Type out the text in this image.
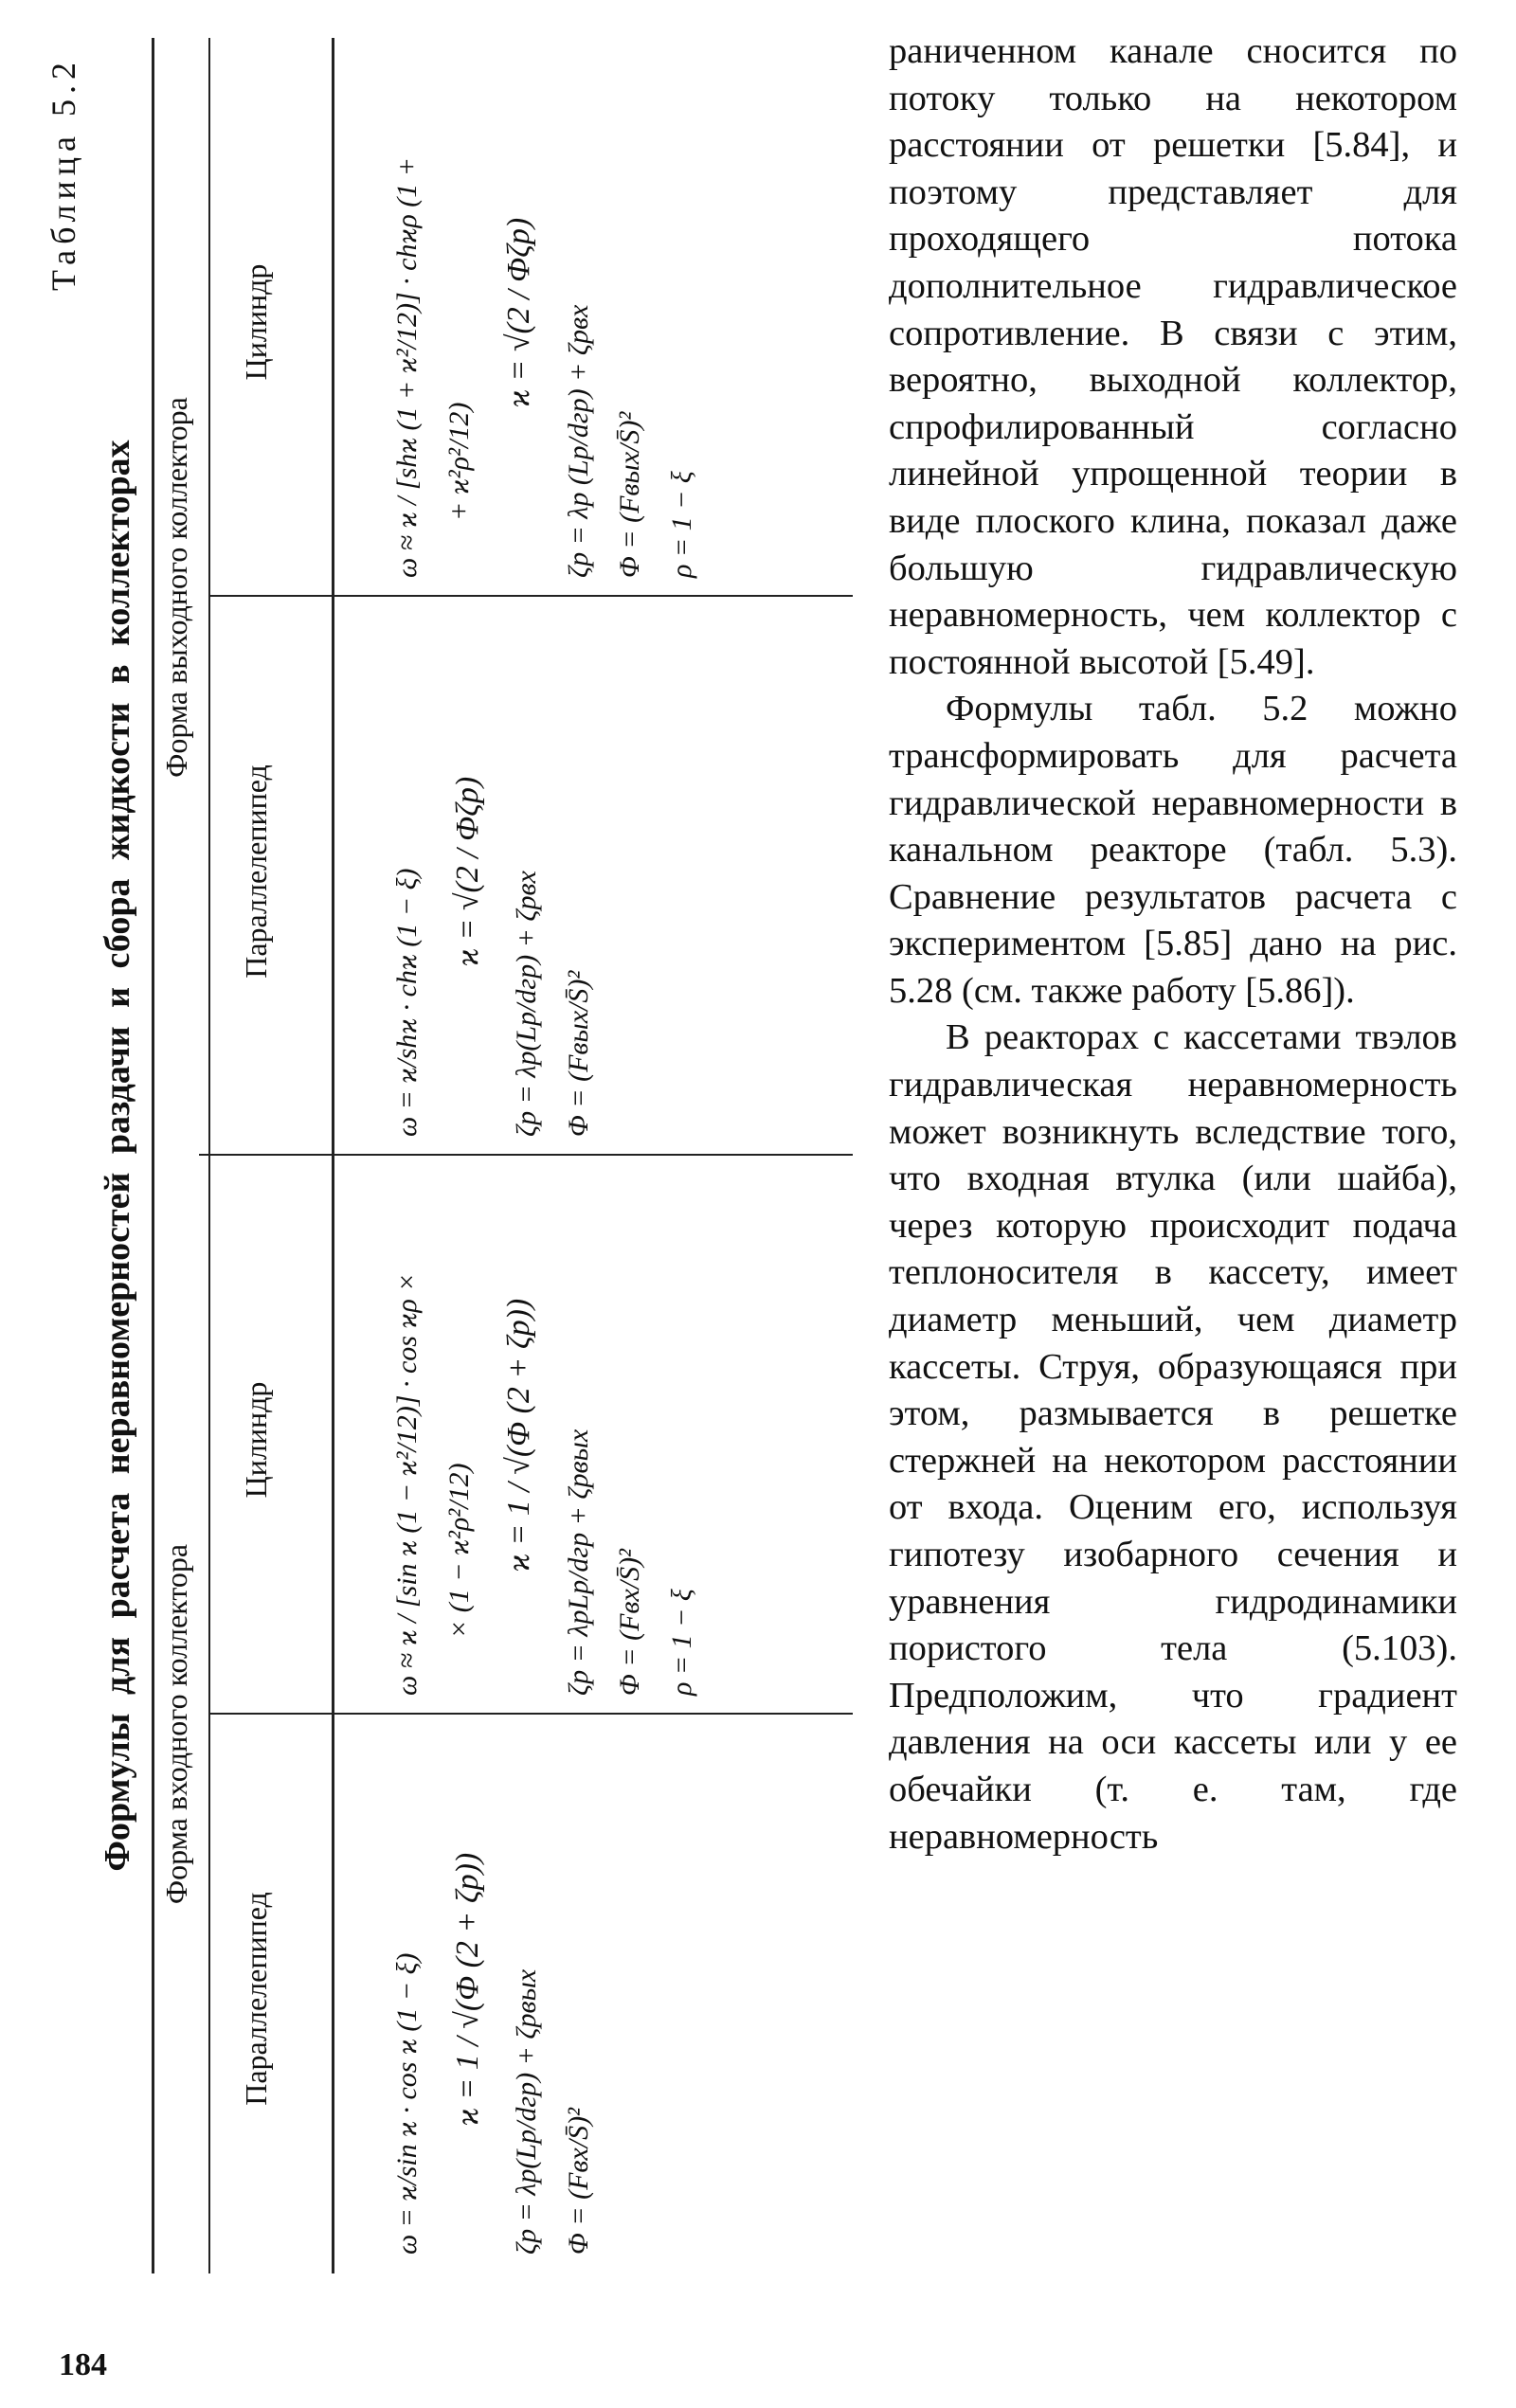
Таблица 5.2
Формулы для расчета неравномерностей раздачи и сбора жидкости в коллекторах Форма входного коллектора
Форма выходного коллектора
Параллелепипед
Цилиндр
Параллелепипед
Цилиндр
ω = ϰ/sin ϰ · cos ϰ (1 − ξ) ϰ = 1 / √(Φ (2 + ζр)) ζр = λр(Lр/dгр) + ζрвых Φ = (Fвх/S̄)²
ω ≈ ϰ / [sin ϰ (1 − ϰ²/12)] · cos ϰρ × × (1 − ϰ²ρ²/12) ϰ = 1 / √(Φ (2 + ζр)) ζр = λрLр/dгр + ζрвых Φ = (Fвх/S̄)² ρ = 1 − ξ
ω = ϰ/shϰ · chϰ (1 − ξ) ϰ = √(2 / Φζр) ζр = λр(Lр/dгр) + ζрвх Φ = (Fвых/S̄)²
ω ≈ ϰ / [shϰ (1 + ϰ²/12)] · chϰρ (1 + + ϰ²ρ²/12)
ϰ = √(2 / Φζр) ζр = λр (Lр/dгр) + ζрвх Φ = (Fвых/S̄)² ρ = 1 − ξ

раниченном канале сносится по потоку только на некотором расстоянии от решетки [5.84], и поэтому представляет для проходящего потока дополнительное гидравлическое сопротивление. В связи с этим, вероятно, выходной коллектор, спрофилированный согласно линейной упрощенной теории в виде плоского клина, показал даже большую гидравлическую неравномерность, чем коллектор с постоянной высотой [5.49].

Формулы табл. 5.2 можно трансформировать для расчета гидравлической неравномерности в канальном реакторе (табл. 5.3). Сравнение результатов расчета с экспериментом [5.85] дано на рис. 5.28 (см. также работу [5.86]).

В реакторах с кассетами твэлов гидравлическая неравномерность может возникнуть вследствие того, что входная втулка (или шайба), через которую происходит подача теплоносителя в кассету, имеет диаметр меньший, чем диаметр кассеты. Струя, образующаяся при этом, размывается в решетке стержней на некотором расстоянии от входа. Оценим его, используя гипотезу изобарного сечения и уравнения гидродинамики пористого тела (5.103). Предположим, что градиент давления на оси кассеты или у ее обечайки (т. е. там, где неравномерность

184
